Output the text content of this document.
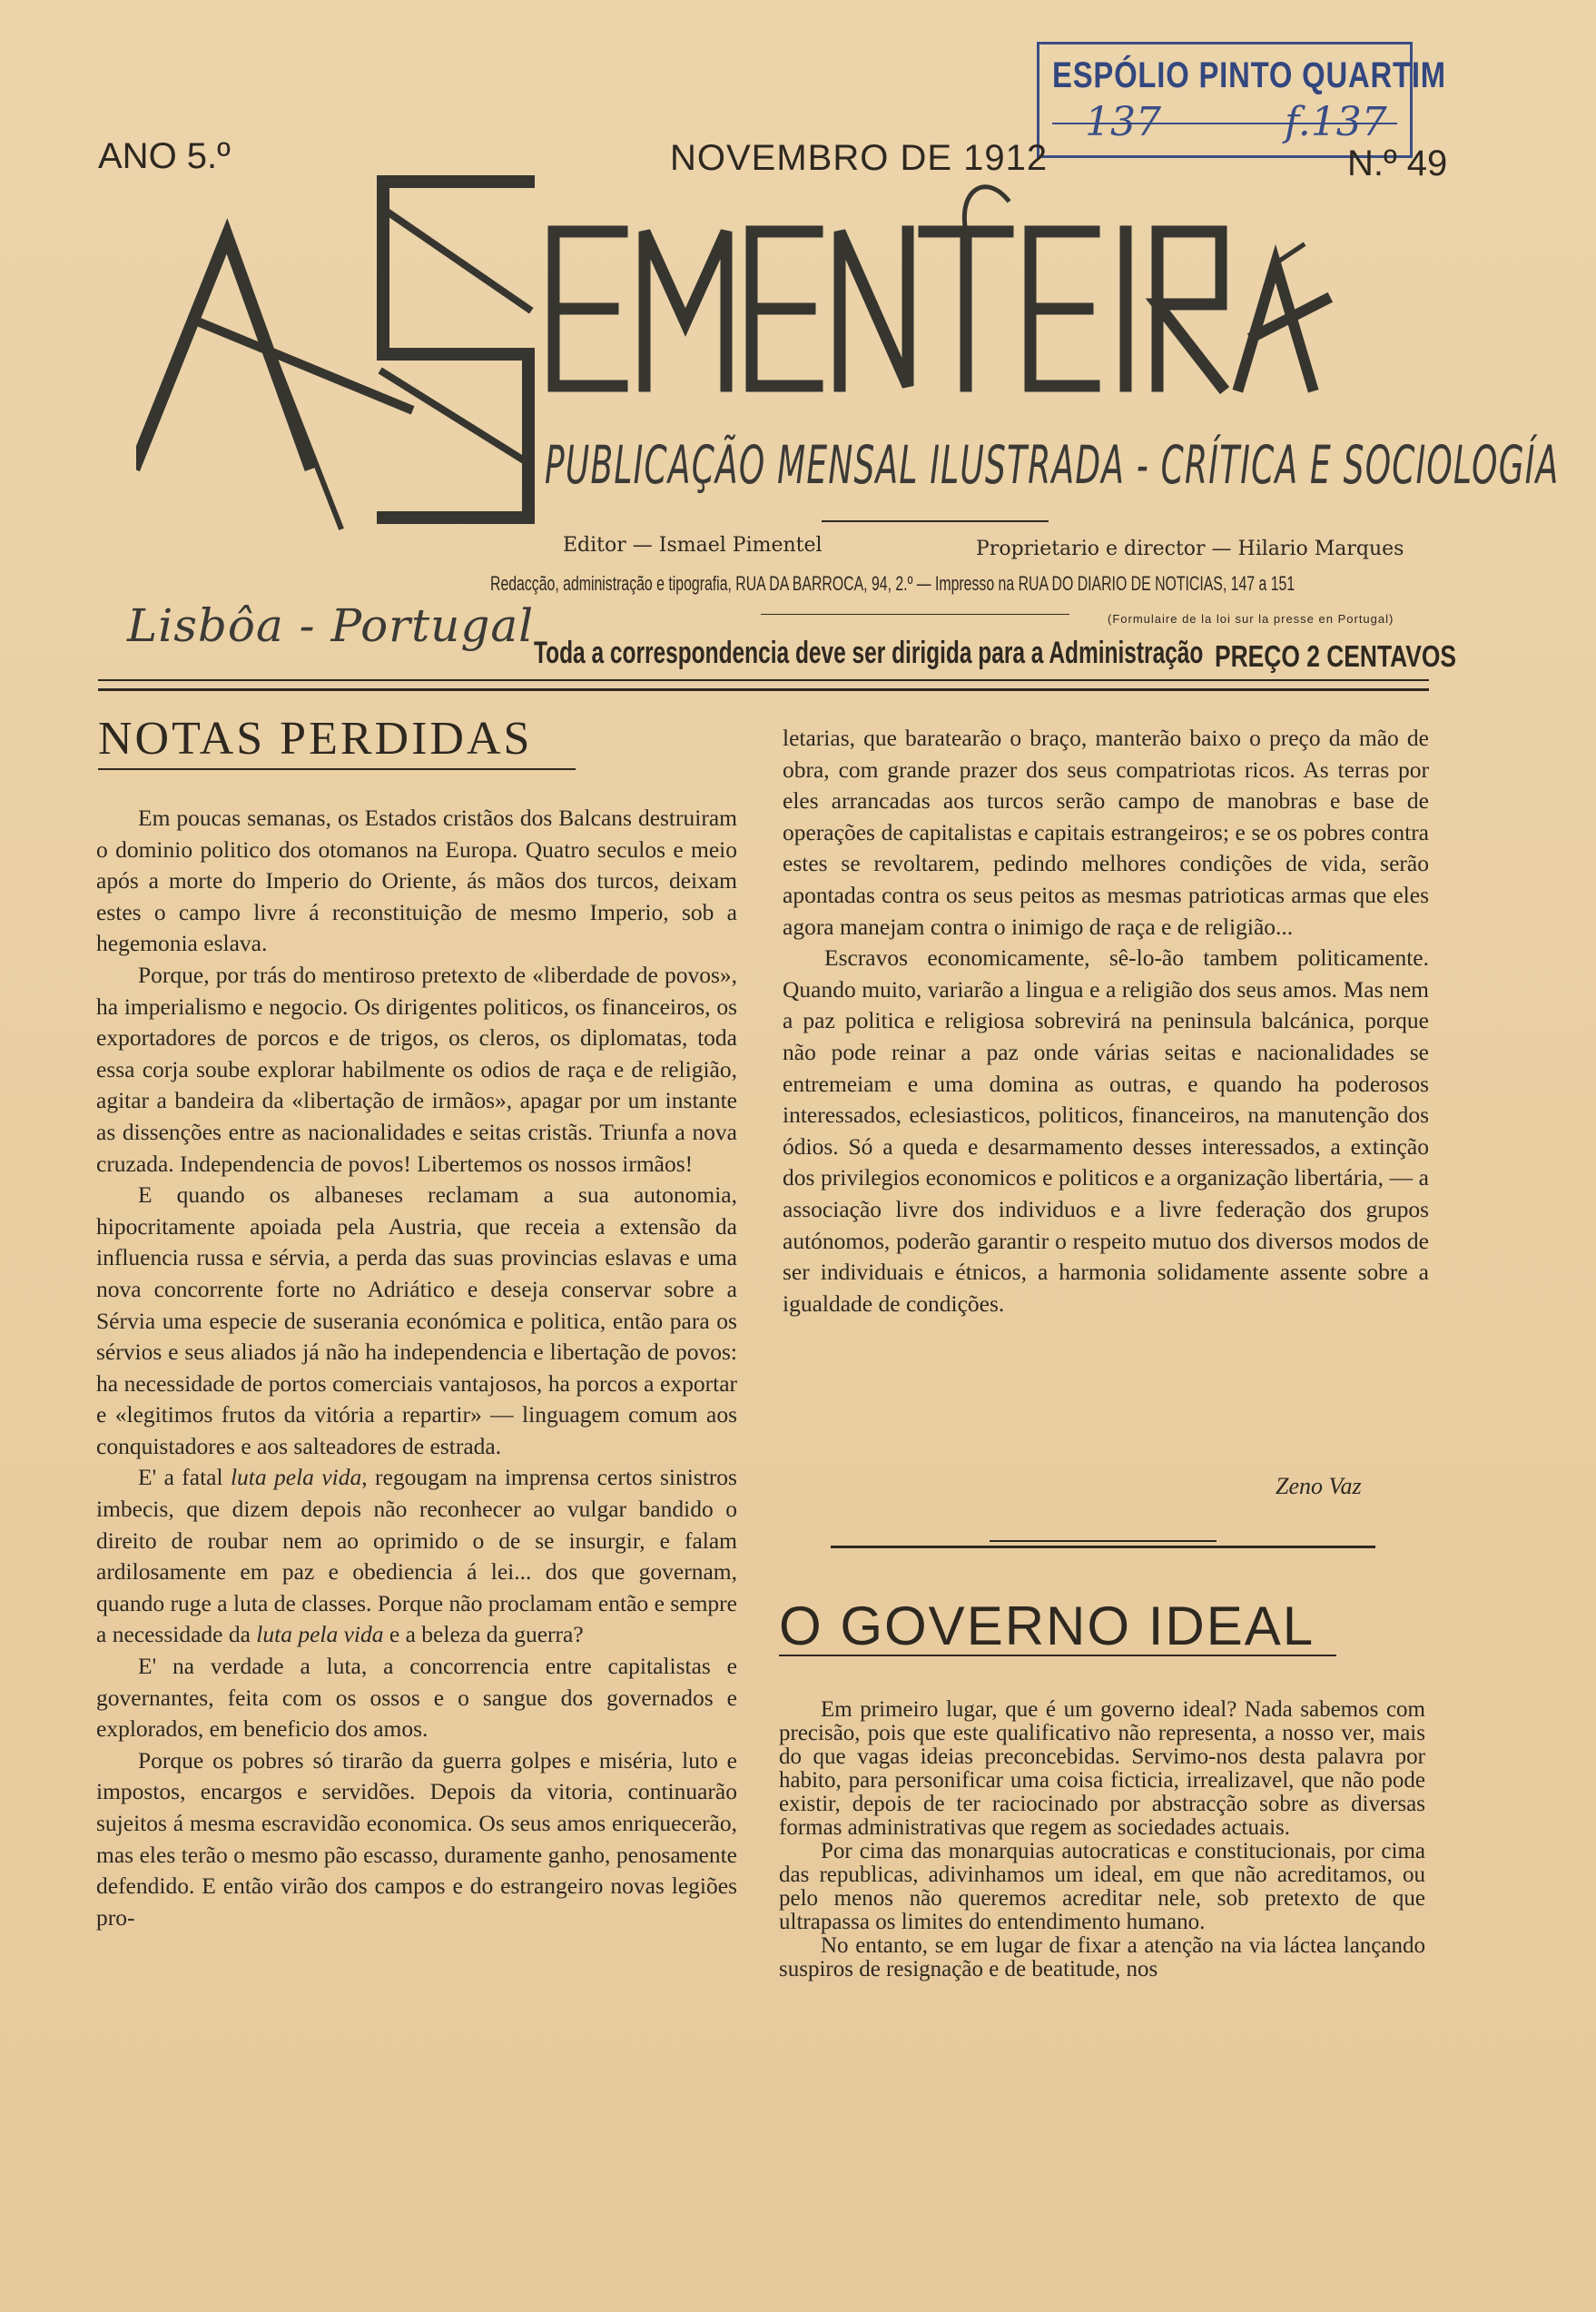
ESPÓLIO PINTO QUARTIM
137	f.137
ANO 5.º	NOVEMBRO DE 1912	N.º 49
PUBLICAÇÃO MENSAL ILUSTRADA - CRÍTICA E SOCIOLOGÍA
Editor — Ismael Pimentel	Proprietario e director — Hilario Marques
Redacção, administração e tipografia, RUA DA BARROCA, 94, 2.º — Impresso na RUA DO DIARIO DE NOTICIAS, 147 a 151
(Formulaire de la loi sur la presse en Portugal)
Lisbôa - Portugal
Toda a correspondencia deve ser dirigida para a Administração PREÇO 2 CENTAVOS
NOTAS PERDIDAS

Em poucas semanas, os Estados cristãos dos Balcans destruiram o dominio politico dos otomanos na Europa. Quatro seculos e meio após a morte do Imperio do Oriente, ás mãos dos turcos, deixam estes o campo livre á reconstituição de mesmo Imperio, sob a hegemonia eslava.

Porque, por trás do mentiroso pretexto de «liberdade de povos», ha imperialismo e negocio. Os dirigentes politicos, os financeiros, os exportadores de porcos e de trigos, os cleros, os diplomatas, toda essa corja soube explorar habilmente os odios de raça e de religião, agitar a bandeira da «libertação de irmãos», apagar por um instante as dissenções entre as nacionalidades e seitas cristãs. Triunfa a nova cruzada. Independencia de povos! Libertemos os nossos irmãos!

E quando os albaneses reclamam a sua autonomia, hipocritamente apoiada pela Austria, que receia a extensão da influencia russa e sérvia, a perda das suas provincias eslavas e uma nova concorrente forte no Adriático e deseja conservar sobre a Sérvia uma especie de suserania económica e politica, então para os sérvios e seus aliados já não ha independencia e libertação de povos: ha necessidade de portos comerciais vantajosos, ha porcos a exportar e «legitimos frutos da vitória a repartir» — linguagem comum aos conquistadores e aos salteadores de estrada.

E' a fatal luta pela vida, regougam na imprensa certos sinistros imbecis, que dizem depois não reconhecer ao vulgar bandido o direito de roubar nem ao oprimido o de se insurgir, e falam ardilosamente em paz e obediencia á lei... dos que governam, quando ruge a luta de classes. Porque não proclamam então e sempre a necessidade da luta pela vida e a beleza da guerra?

E' na verdade a luta, a concorrencia entre capitalistas e governantes, feita com os ossos e o sangue dos governados e explorados, em beneficio dos amos.

Porque os pobres só tirarão da guerra golpes e miséria, luto e impostos, encargos e servidões. Depois da vitoria, continuarão sujeitos á mesma escravidão economica. Os seus amos enriquecerão, mas eles terão o mesmo pão escasso, duramente ganho, penosamente defendido. E então virão dos campos e do estrangeiro novas legiões pro-

letarias, que baratearão o braço, manterão baixo o preço da mão de obra, com grande prazer dos seus compatriotas ricos. As terras por eles arrancadas aos turcos serão campo de manobras e base de operações de capitalistas e capitais estrangeiros; e se os pobres contra estes se revoltarem, pedindo melhores condições de vida, serão apontadas contra os seus peitos as mesmas patrioticas armas que eles agora manejam contra o inimigo de raça e de religião...

Escravos economicamente, sê-lo-ão tambem politicamente. Quando muito, variarão a lingua e a religião dos seus amos. Mas nem a paz politica e religiosa sobrevirá na peninsula balcánica, porque não pode reinar a paz onde várias seitas e nacionalidades se entremeiam e uma domina as outras, e quando ha poderosos interessados, eclesiasticos, politicos, financeiros, na manutenção dos ódios. Só a queda e desarmamento desses interessados, a extinção dos privilegios economicos e politicos e a organização libertária, — a associação livre dos individuos e a livre federação dos grupos autónomos, poderão garantir o respeito mutuo dos diversos modos de ser individuais e étnicos, a harmonia solidamente assente sobre a igualdade de condições.

Zeno Vaz
O GOVERNO IDEAL

Em primeiro lugar, que é um governo ideal? Nada sabemos com precisão, pois que este qualificativo não representa, a nosso ver, mais do que vagas ideias preconcebidas. Servimo-nos desta palavra por habito, para personificar uma coisa ficticia, irrealizavel, que não pode existir, depois de ter raciocinado por abstracção sobre as diversas formas administrativas que regem as sociedades actuais.

Por cima das monarquias autocraticas e constitucionais, por cima das republicas, adivinhamos um ideal, em que não acreditamos, ou pelo menos não queremos acreditar nele, sob pretexto de que ultrapassa os limites do entendimento humano.

No entanto, se em lugar de fixar a atenção na via láctea lançando suspiros de resignação e de beatitude, nos
